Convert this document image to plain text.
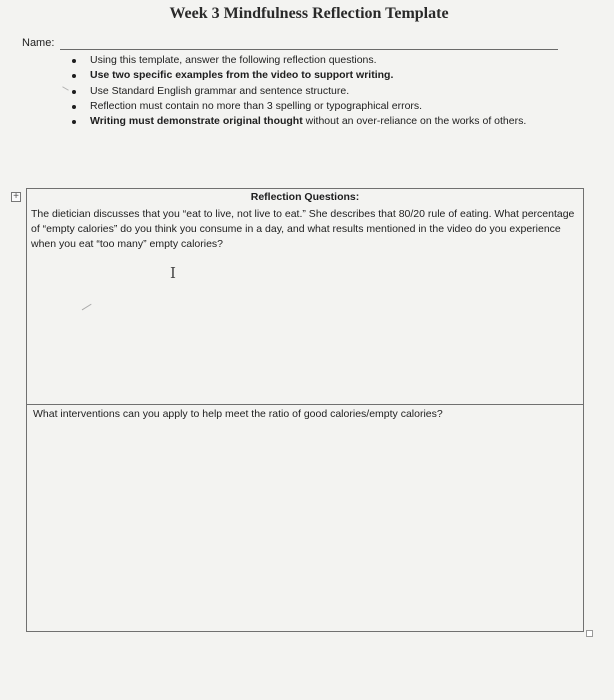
Week 3 Mindfulness Reflection Template
Name:
Using this template, answer the following reflection questions.
Use two specific examples from the video to support writing.
Use Standard English grammar and sentence structure.
Reflection must contain no more than 3 spelling or typographical errors.
Writing must demonstrate original thought without an over-reliance on the works of others.
+	Reflection Questions:
The dietician discusses that you “eat to live, not live to eat.” She describes that 80/20 rule of eating. What percentage of “empty calories” do you think you consume in a day, and what results mentioned in the video do you experience when you eat “too many” empty calories?
What interventions can you apply to help meet the ratio of good calories/empty calories?
I
